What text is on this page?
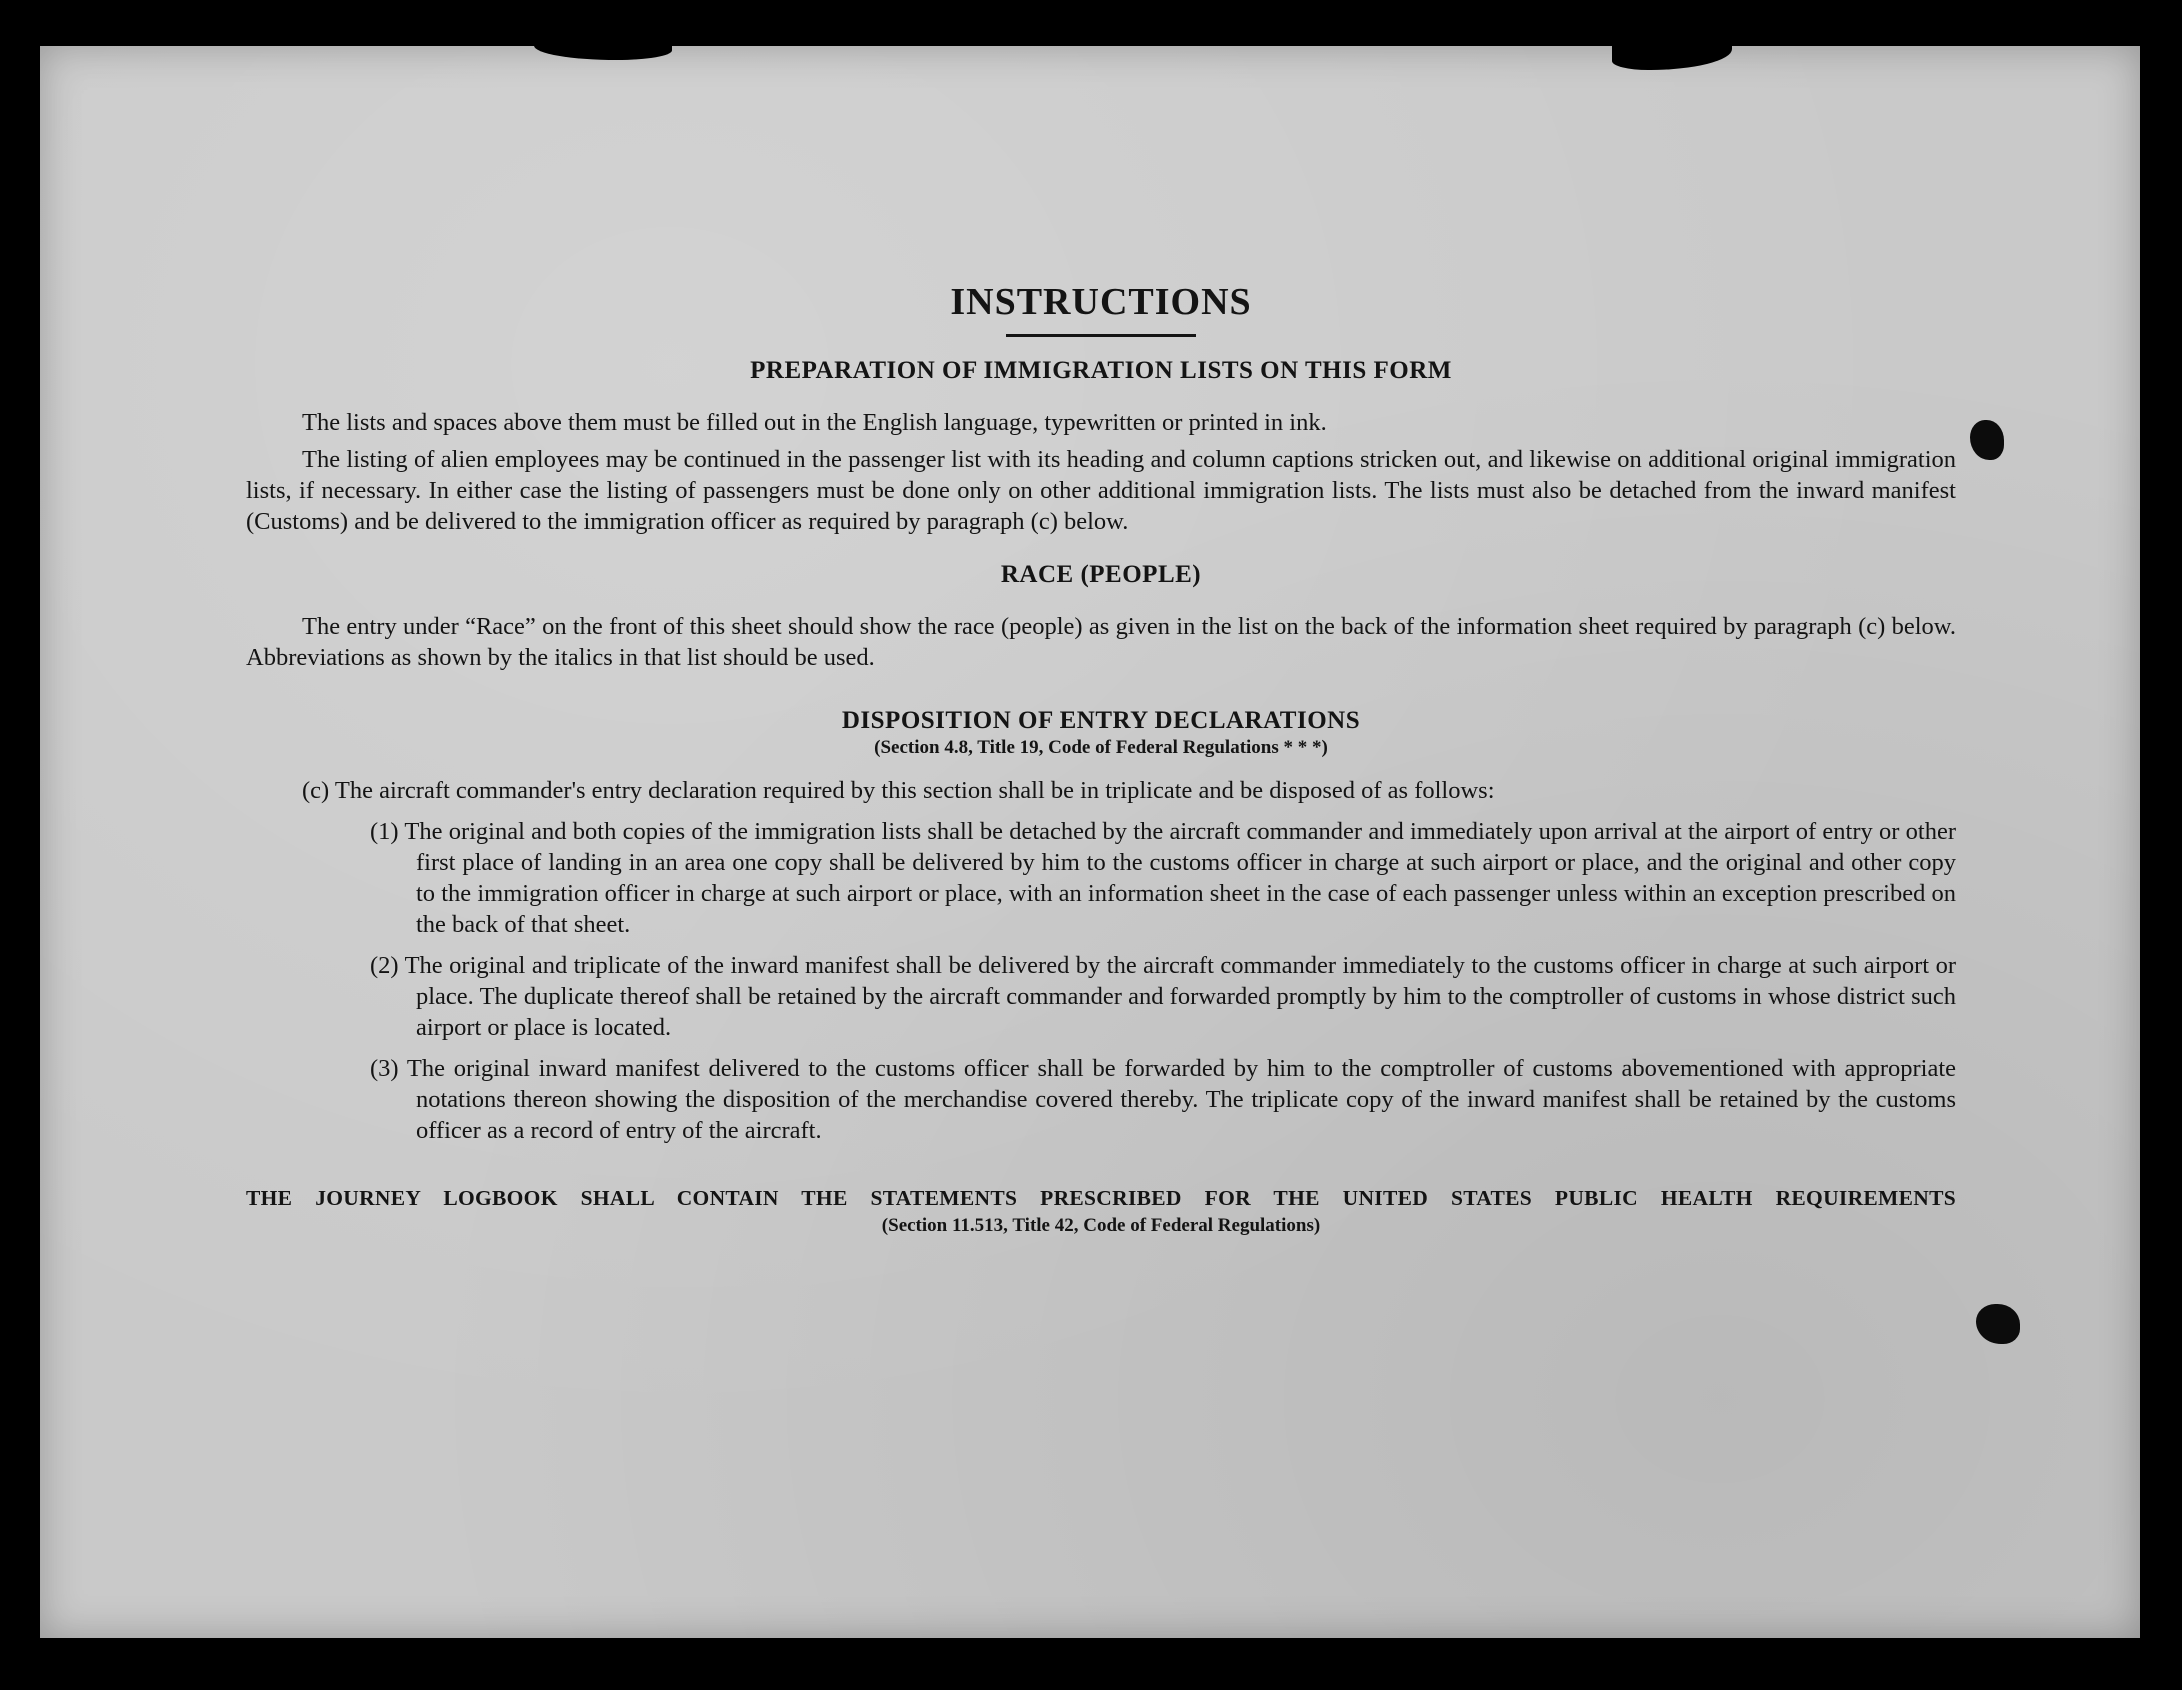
INSTRUCTIONS
PREPARATION OF IMMIGRATION LISTS ON THIS FORM

The lists and spaces above them must be filled out in the English language, typewritten or printed in ink.

The listing of alien employees may be continued in the passenger list with its heading and column captions stricken out, and likewise on additional original immigration lists, if necessary. In either case the listing of passengers must be done only on other additional immigration lists. The lists must also be detached from the inward manifest (Customs) and be delivered to the immigration officer as required by paragraph (c) below.

RACE (PEOPLE)

The entry under “Race” on the front of this sheet should show the race (people) as given in the list on the back of the information sheet required by paragraph (c) below. Abbreviations as shown by the italics in that list should be used.

DISPOSITION OF ENTRY DECLARATIONS

(Section 4.8, Title 19, Code of Federal Regulations * * *)

(c) The aircraft commander's entry declaration required by this section shall be in triplicate and be disposed of as follows:

(1) The original and both copies of the immigration lists shall be detached by the aircraft commander and immediately upon arrival at the airport of entry or other first place of landing in an area one copy shall be delivered by him to the customs officer in charge at such airport or place, and the original and other copy to the immigration officer in charge at such airport or place, with an information sheet in the case of each passenger unless within an exception prescribed on the back of that sheet.

(2) The original and triplicate of the inward manifest shall be delivered by the aircraft commander immediately to the customs officer in charge at such airport or place. The duplicate thereof shall be retained by the aircraft commander and forwarded promptly by him to the comptroller of customs in whose district such airport or place is located.

(3) The original inward manifest delivered to the customs officer shall be forwarded by him to the comptroller of customs abovementioned with appropriate notations thereon showing the disposition of the merchandise covered thereby. The triplicate copy of the inward manifest shall be retained by the customs officer as a record of entry of the aircraft.

THE JOURNEY LOGBOOK SHALL CONTAIN THE STATEMENTS PRESCRIBED FOR THE UNITED STATES PUBLIC HEALTH REQUIREMENTS

(Section 11.513, Title 42, Code of Federal Regulations)
